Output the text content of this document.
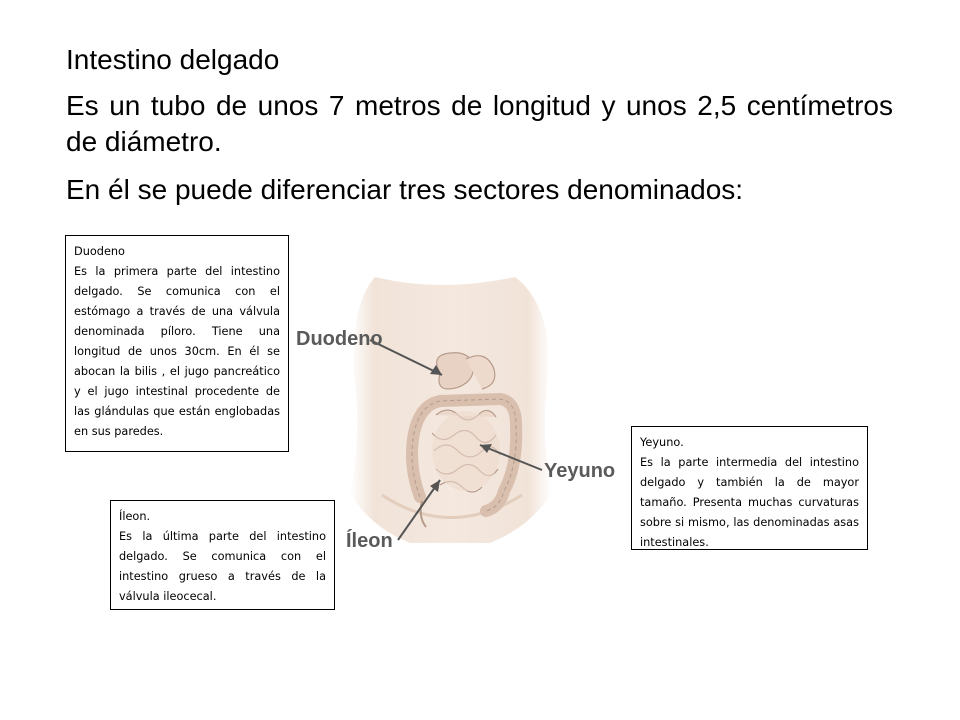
Intestino delgado
Es un tubo de unos 7 metros de longitud y unos 2,5 centímetros de diámetro.
En él se puede diferenciar tres sectores denominados:
Duodeno
Yeyuno
Íleon
Duodeno
Es la primera parte del intestino delgado. Se comunica con el estómago a través de una válvula denominada píloro. Tiene una longitud de unos 30cm. En él se abocan la bilis , el jugo pancreático y el jugo intestinal procedente de las glándulas que están englobadas en sus paredes.
Yeyuno.
Es la parte intermedia del intestino delgado y también la de mayor tamaño. Presenta muchas curvaturas sobre si mismo, las denominadas asas intestinales.
Íleon.
Es la última parte del intestino delgado. Se comunica con el intestino grueso a través de la válvula ileocecal.
